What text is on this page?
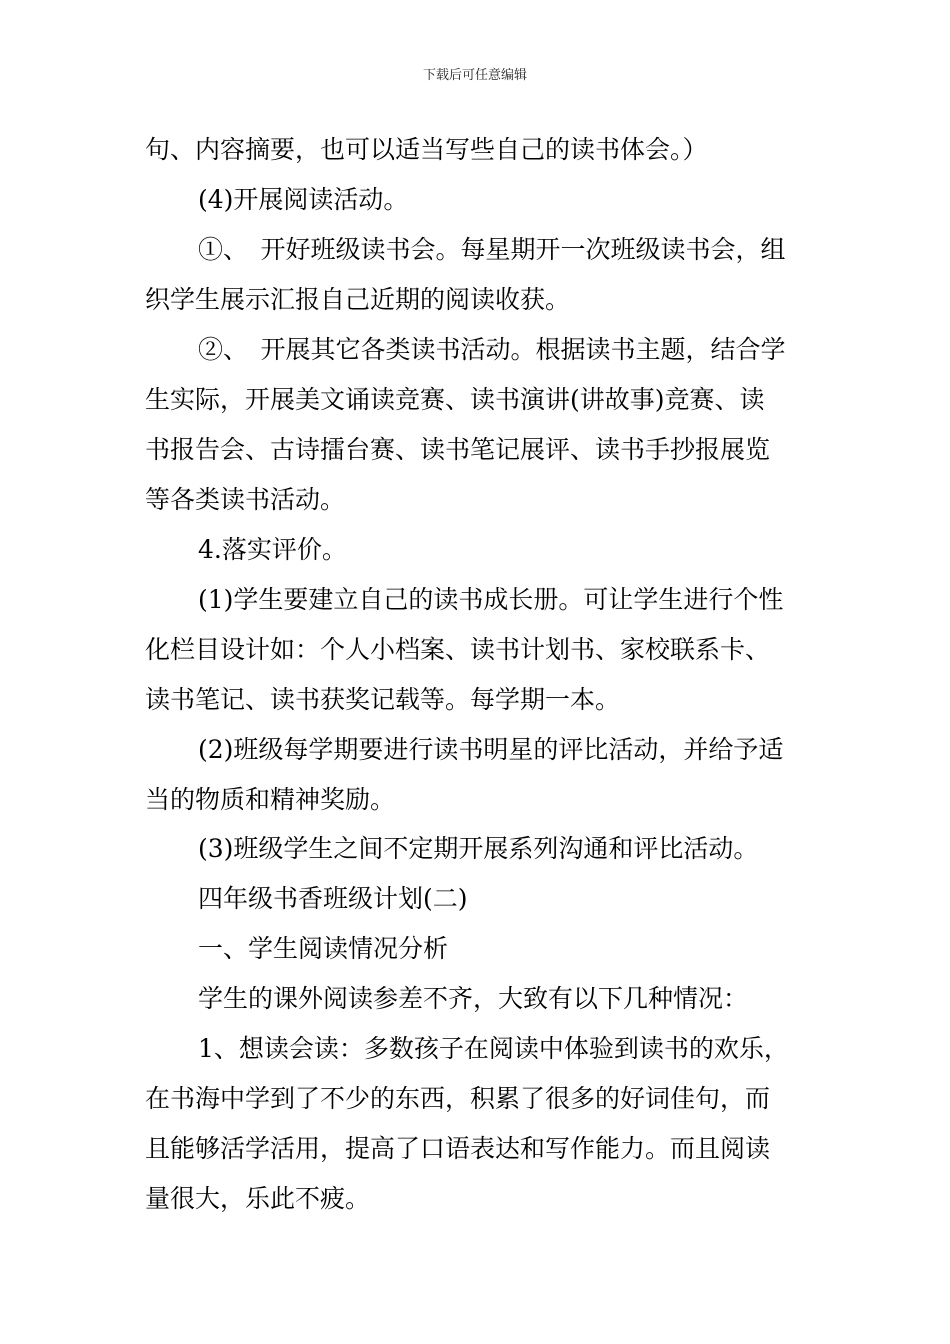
下载后可任意编辑
句、内容摘要，也可以适当写些自己的读书体会。）
(4)开展阅读活动。
①、　开好班级读书会。每星期开一次班级读书会，组
织学生展示汇报自己近期的阅读收获。
②、　开展其它各类读书活动。根据读书主题，结合学
生实际，开展美文诵读竞赛、读书演讲(讲故事)竞赛、读
书报告会、古诗擂台赛、读书笔记展评、读书手抄报展览
等各类读书活动。
4.落实评价。
(1)学生要建立自己的读书成长册。可让学生进行个性
化栏目设计如：个人小档案、读书计划书、家校联系卡、
读书笔记、读书获奖记载等。每学期一本。
(2)班级每学期要进行读书明星的评比活动，并给予适
当的物质和精神奖励。
(3)班级学生之间不定期开展系列沟通和评比活动。
四年级书香班级计划(二)
一、学生阅读情况分析
学生的课外阅读参差不齐，大致有以下几种情况：
1、想读会读：多数孩子在阅读中体验到读书的欢乐，
在书海中学到了不少的东西，积累了很多的好词佳句，而
且能够活学活用，提高了口语表达和写作能力。而且阅读
量很大，乐此不疲。
